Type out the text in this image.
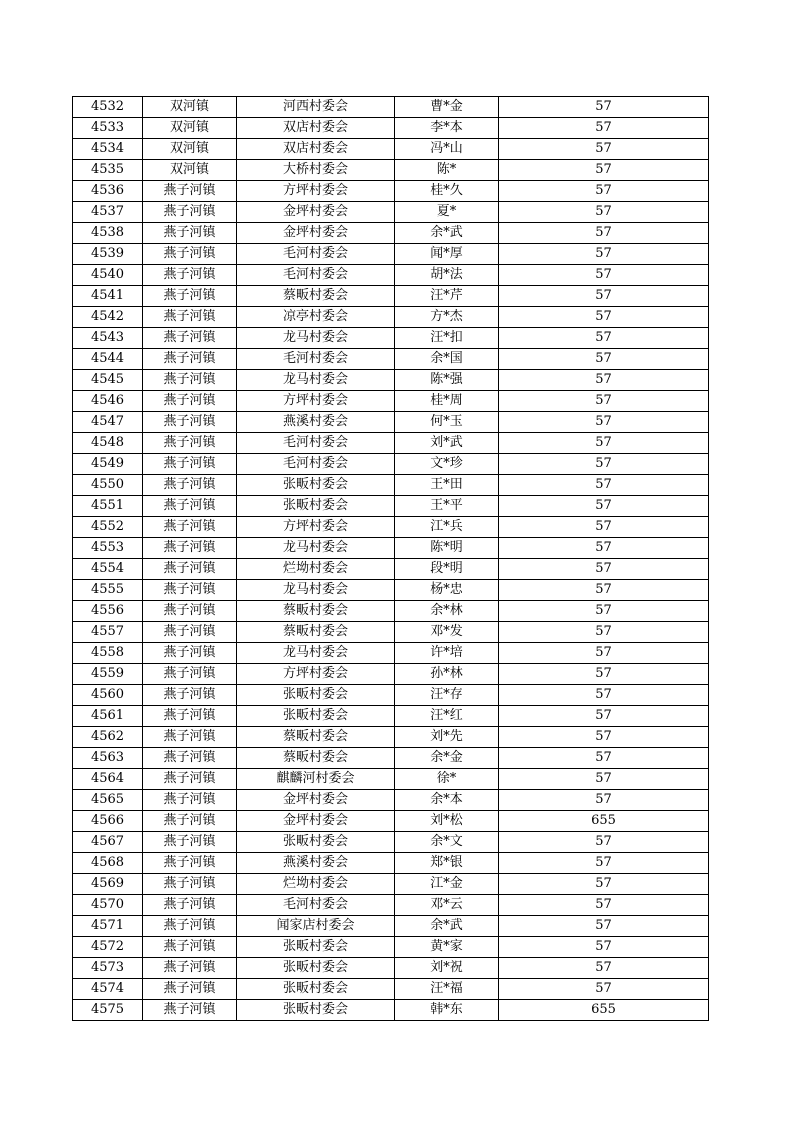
4532	双河镇	河西村委会	曹*金	57
4533	双河镇	双店村委会	李*本	57
4534	双河镇	双店村委会	冯*山	57
4535	双河镇	大桥村委会	陈*	57
4536	燕子河镇	方坪村委会	桂*久	57
4537	燕子河镇	金坪村委会	夏*	57
4538	燕子河镇	金坪村委会	余*武	57
4539	燕子河镇	毛河村委会	闻*厚	57
4540	燕子河镇	毛河村委会	胡*法	57
4541	燕子河镇	蔡畈村委会	汪*芹	57
4542	燕子河镇	凉亭村委会	方*杰	57
4543	燕子河镇	龙马村委会	汪*扣	57
4544	燕子河镇	毛河村委会	余*国	57
4545	燕子河镇	龙马村委会	陈*强	57
4546	燕子河镇	方坪村委会	桂*周	57
4547	燕子河镇	燕溪村委会	何*玉	57
4548	燕子河镇	毛河村委会	刘*武	57
4549	燕子河镇	毛河村委会	文*珍	57
4550	燕子河镇	张畈村委会	王*田	57
4551	燕子河镇	张畈村委会	王*平	57
4552	燕子河镇	方坪村委会	江*兵	57
4553	燕子河镇	龙马村委会	陈*明	57
4554	燕子河镇	烂坳村委会	段*明	57
4555	燕子河镇	龙马村委会	杨*忠	57
4556	燕子河镇	蔡畈村委会	余*林	57
4557	燕子河镇	蔡畈村委会	邓*发	57
4558	燕子河镇	龙马村委会	许*培	57
4559	燕子河镇	方坪村委会	孙*林	57
4560	燕子河镇	张畈村委会	汪*存	57
4561	燕子河镇	张畈村委会	汪*红	57
4562	燕子河镇	蔡畈村委会	刘*先	57
4563	燕子河镇	蔡畈村委会	余*金	57
4564	燕子河镇	麒麟河村委会	徐*	57
4565	燕子河镇	金坪村委会	余*本	57
4566	燕子河镇	金坪村委会	刘*松	655
4567	燕子河镇	张畈村委会	余*文	57
4568	燕子河镇	燕溪村委会	郑*银	57
4569	燕子河镇	烂坳村委会	江*金	57
4570	燕子河镇	毛河村委会	邓*云	57
4571	燕子河镇	闻家店村委会	余*武	57
4572	燕子河镇	张畈村委会	黄*家	57
4573	燕子河镇	张畈村委会	刘*祝	57
4574	燕子河镇	张畈村委会	汪*福	57
4575	燕子河镇	张畈村委会	韩*东	655
